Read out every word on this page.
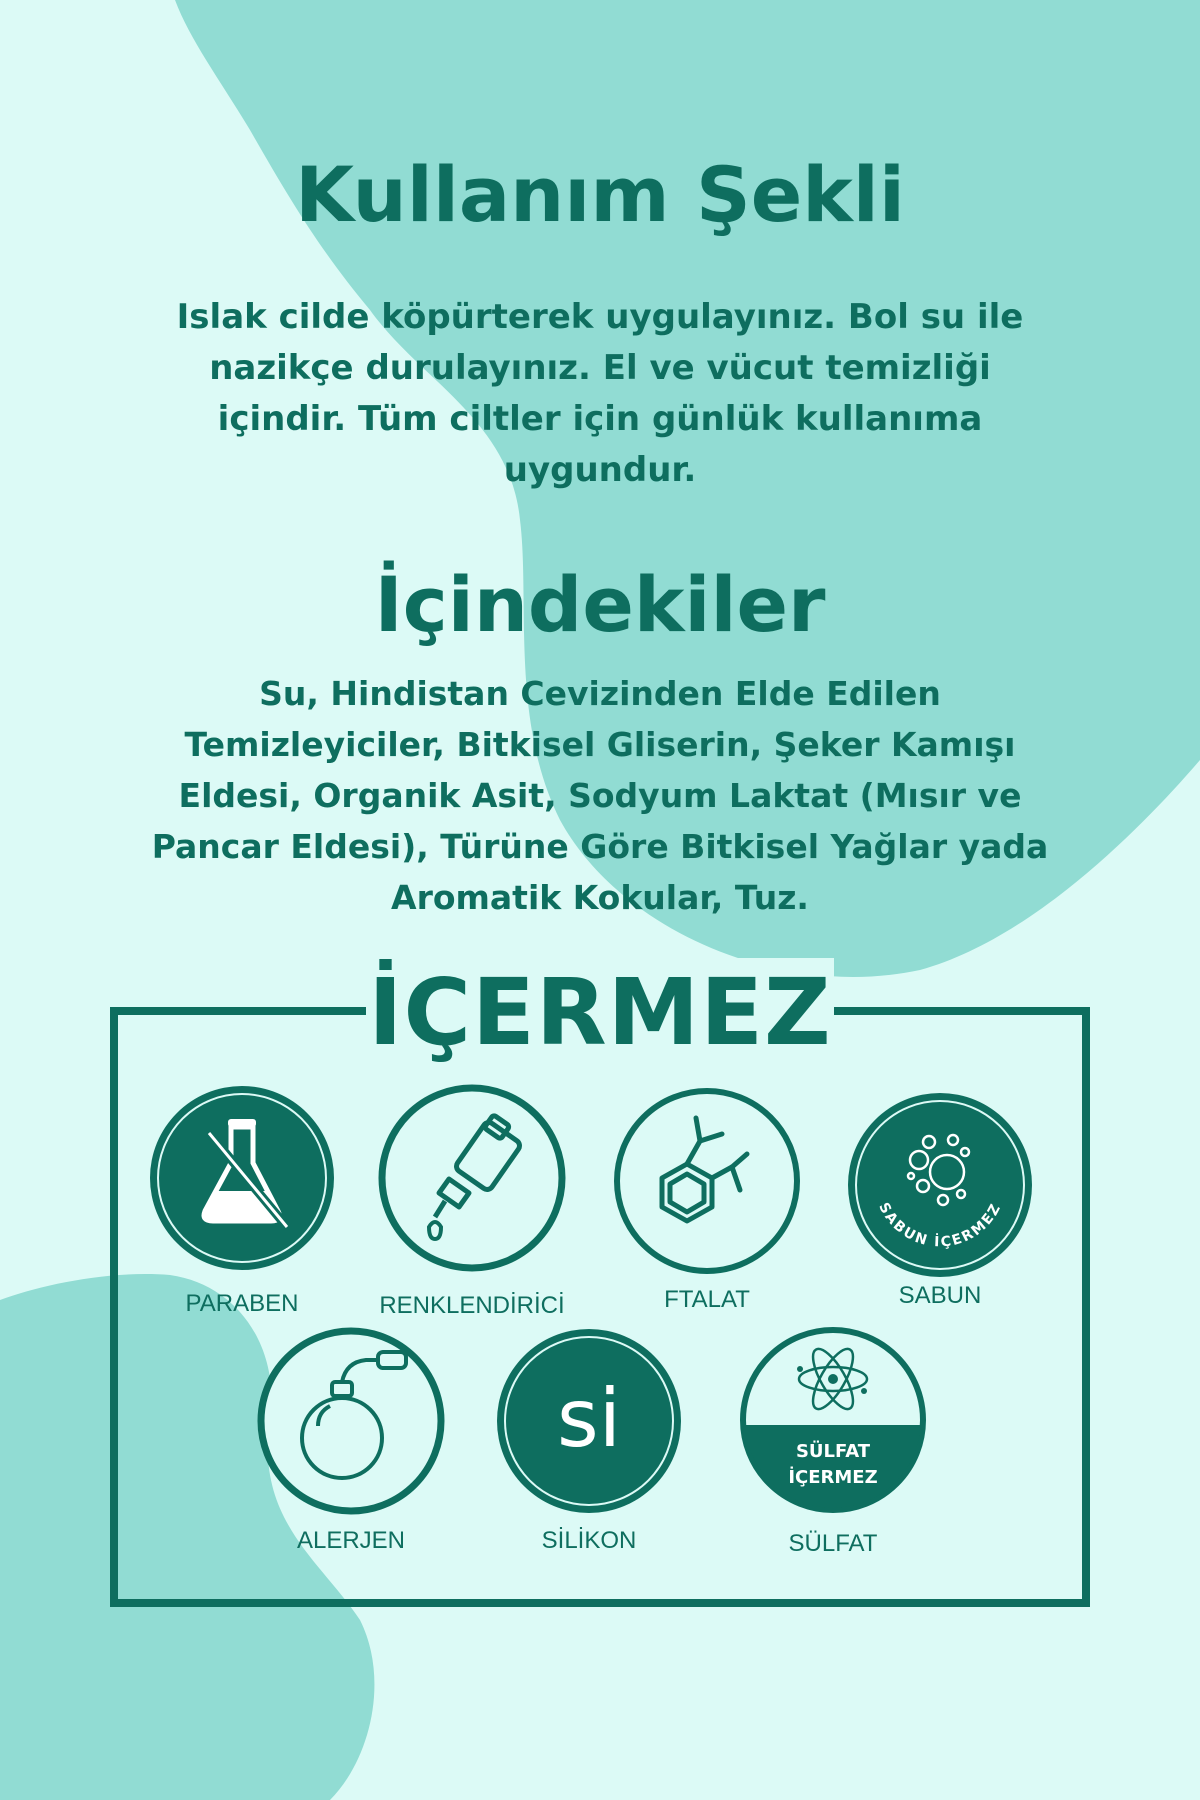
Kullanım Şekli

Islak cilde köpürterek uygulayınız. Bol su ile nazikçe durulayınız. El ve vücut temizliği içindir. Tüm ciltler için günlük kullanıma uygundur.

İçindekiler

Su, Hindistan Cevizinden Elde Edilen Temizleyiciler, Bitkisel Gliserin, Şeker Kamışı Eldesi, Organik Asit, Sodyum Laktat (Mısır ve Pancar Eldesi), Türüne Göre Bitkisel Yağlar yada Aromatik Kokular, Tuz.

İÇERMEZ
PARABEN	RENKLENDİRİCİ	FTALAT
SABUN İÇERMEZ
SABUN
ALERJEN
si
SİLİKON
SÜLFAT
İÇERMEZ
SÜLFAT
